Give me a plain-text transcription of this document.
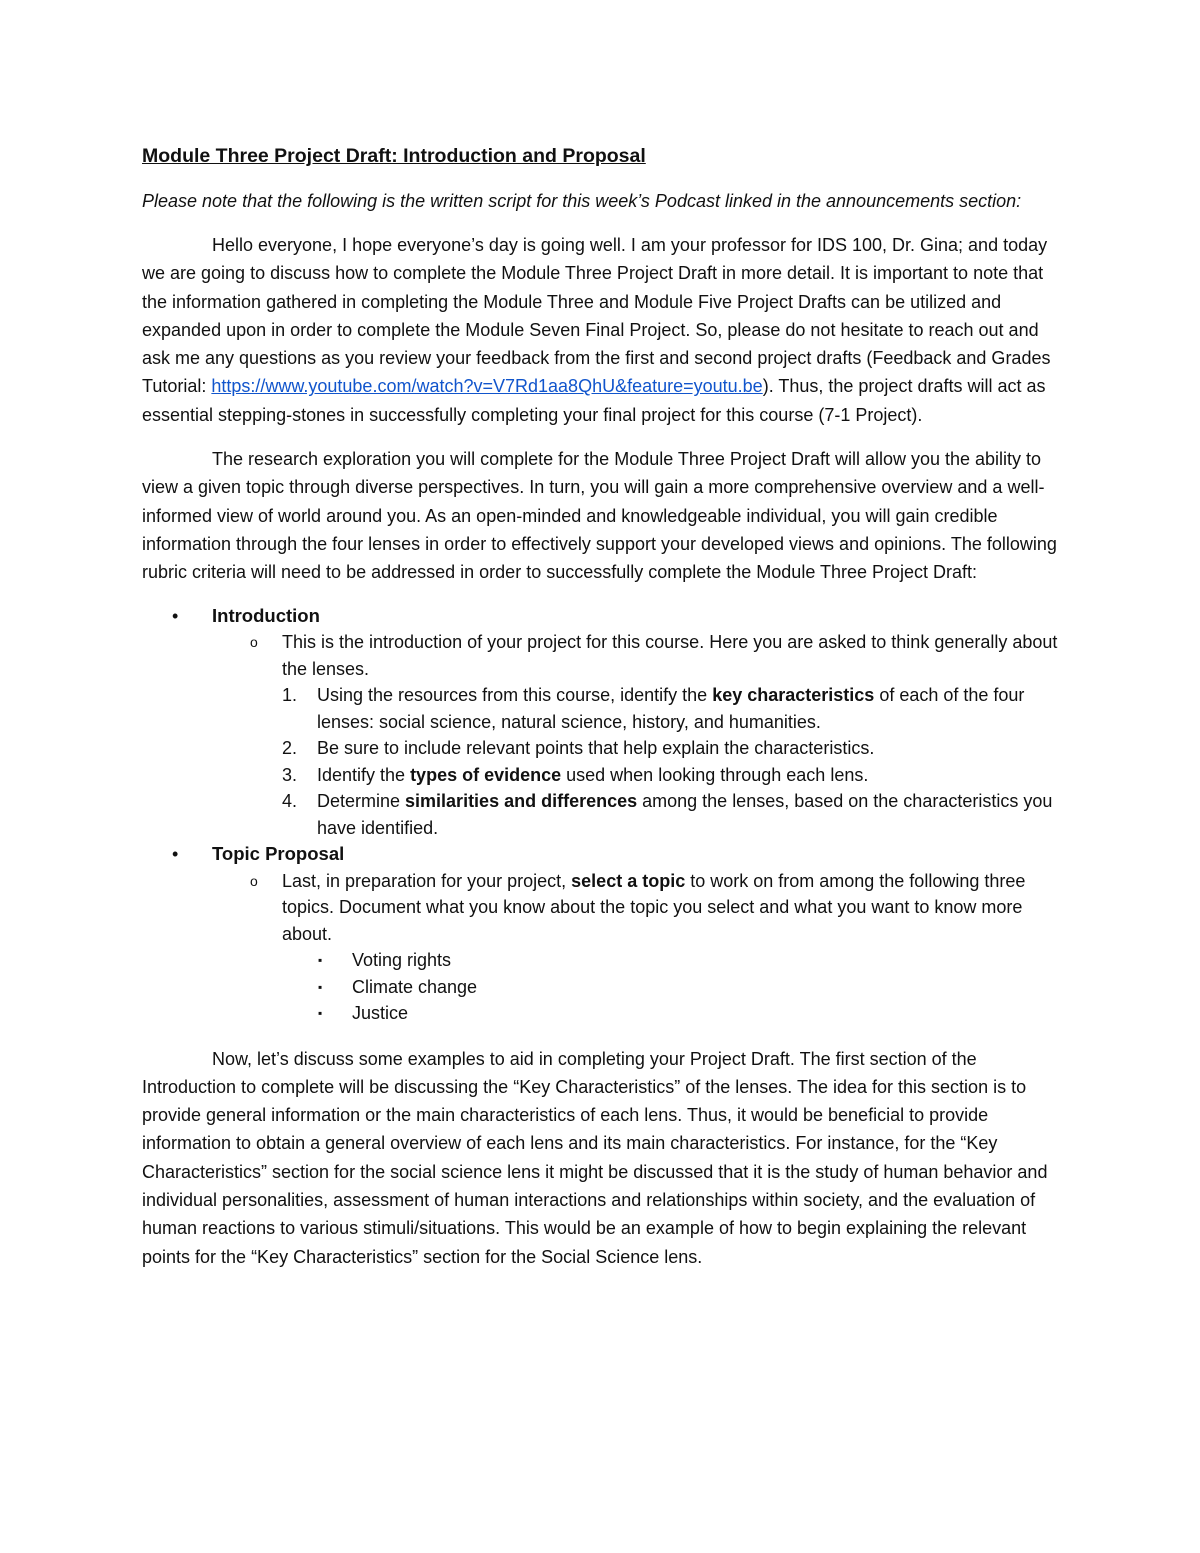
Module Three Project Draft: Introduction and Proposal
Please note that the following is the written script for this week’s Podcast linked in the announcements section:

Hello everyone, I hope everyone’s day is going well. I am your professor for IDS 100, Dr. Gina; and today we are going to discuss how to complete the Module Three Project Draft in more detail. It is important to note that the information gathered in completing the Module Three and Module Five Project Drafts can be utilized and expanded upon in order to complete the Module Seven Final Project. So, please do not hesitate to reach out and ask me any questions as you review your feedback from the first and second project drafts (Feedback and Grades Tutorial: https://www.youtube.com/watch?v=V7Rd1aa8QhU&feature=youtu.be). Thus, the project drafts will act as essential stepping-stones in successfully completing your final project for this course (7-1 Project).

The research exploration you will complete for the Module Three Project Draft will allow you the ability to view a given topic through diverse perspectives. In turn, you will gain a more comprehensive overview and a well-informed view of world around you. As an open-minded and knowledgeable individual, you will gain credible information through the four lenses in order to effectively support your developed views and opinions. The following rubric criteria will need to be addressed in order to successfully complete the Module Three Project Draft:

• Introduction
o This is the introduction of your project for this course. Here you are asked to think generally about the lenses.
1. Using the resources from this course, identify the key characteristics of each of the four lenses: social science, natural science, history, and humanities.
2. Be sure to include relevant points that help explain the characteristics.
3. Identify the types of evidence used when looking through each lens.
4. Determine similarities and differences among the lenses, based on the characteristics you have identified.
• Topic Proposal
o Last, in preparation for your project, select a topic to work on from among the following three topics. Document what you know about the topic you select and what you want to know more about.
▪ Voting rights
▪ Climate change
▪ Justice

Now, let’s discuss some examples to aid in completing your Project Draft. The first section of the Introduction to complete will be discussing the “Key Characteristics” of the lenses. The idea for this section is to provide general information or the main characteristics of each lens. Thus, it would be beneficial to provide information to obtain a general overview of each lens and its main characteristics. For instance, for the “Key Characteristics” section for the social science lens it might be discussed that it is the study of human behavior and individual personalities, assessment of human interactions and relationships within society, and the evaluation of human reactions to various stimuli/situations. This would be an example of how to begin explaining the relevant points for the “Key Characteristics” section for the Social Science lens.
